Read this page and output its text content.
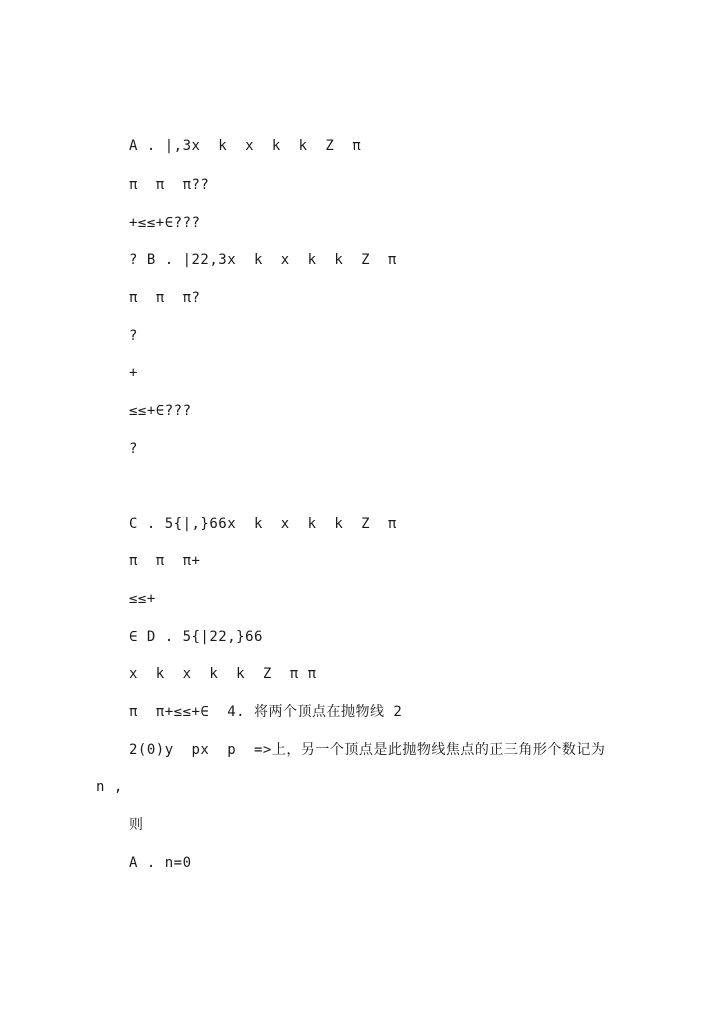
A . |,3x  k  x  k  k  Z  π
π  π  π??
+≤≤+∈???
? B . |22,3x  k  x  k  k  Z  π
π  π  π?
?
+
≤≤+∈???
?
C . 5{|,}66x  k  x  k  k  Z  π
π  π  π+
≤≤+
∈ D . 5{|22,}66
x  k  x  k  k  Z  π π
π  π+≤≤+∈  4. 将两个顶点在抛物线 2
2(0)y  px  p  =>上，另一个顶点是此抛物线焦点的正三角形个数记为
n ,
则
A . n=0
